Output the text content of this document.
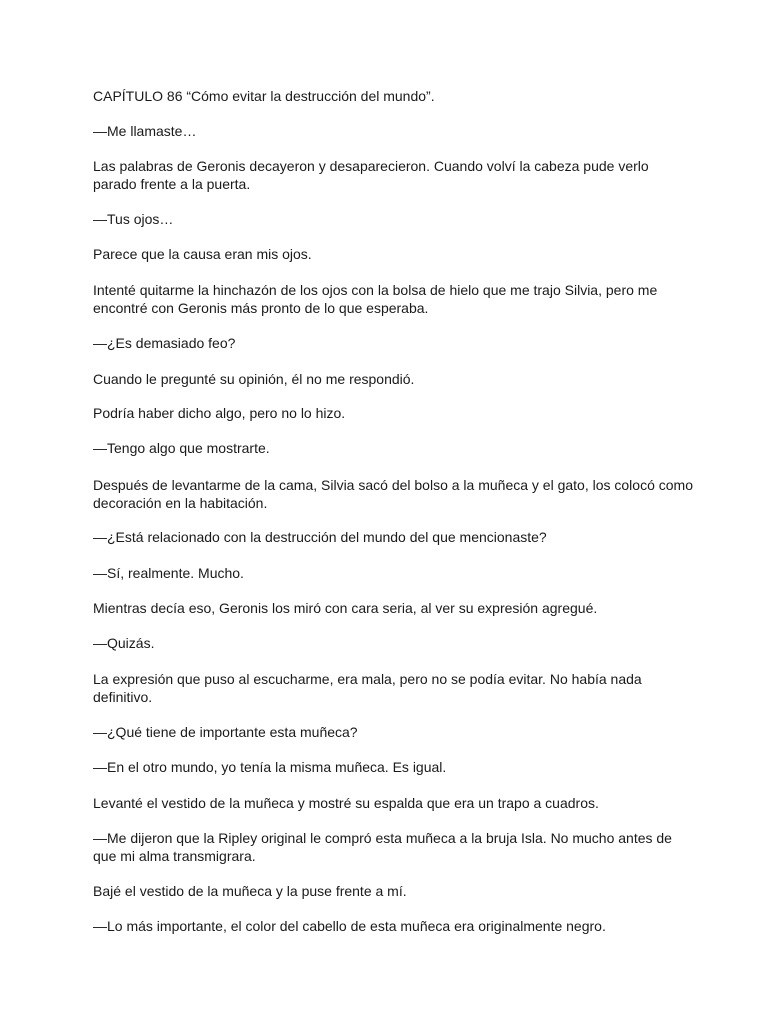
CAPÍTULO 86 “Cómo evitar la destrucción del mundo”.

—Me llamaste…

Las palabras de Geronis decayeron y desaparecieron. Cuando volví la cabeza pude verlo parado frente a la puerta.

—Tus ojos…

Parece que la causa eran mis ojos.

Intenté quitarme la hinchazón de los ojos con la bolsa de hielo que me trajo Silvia, pero me encontré con Geronis más pronto de lo que esperaba.

—¿Es demasiado feo?

Cuando le pregunté su opinión, él no me respondió.

Podría haber dicho algo, pero no lo hizo.

—Tengo algo que mostrarte.

Después de levantarme de la cama, Silvia sacó del bolso a la muñeca y el gato, los colocó como decoración en la habitación.

—¿Está relacionado con la destrucción del mundo del que mencionaste?

—Sí, realmente. Mucho.

Mientras decía eso, Geronis los miró con cara seria, al ver su expresión agregué.

—Quizás.

La expresión que puso al escucharme, era mala, pero no se podía evitar. No había nada definitivo.

—¿Qué tiene de importante esta muñeca?

—En el otro mundo, yo tenía la misma muñeca. Es igual.

Levanté el vestido de la muñeca y mostré su espalda que era un trapo a cuadros.

—Me dijeron que la Ripley original le compró esta muñeca a la bruja Isla. No mucho antes de que mi alma transmigrara.

Bajé el vestido de la muñeca y la puse frente a mí.

—Lo más importante, el color del cabello de esta muñeca era originalmente negro.
